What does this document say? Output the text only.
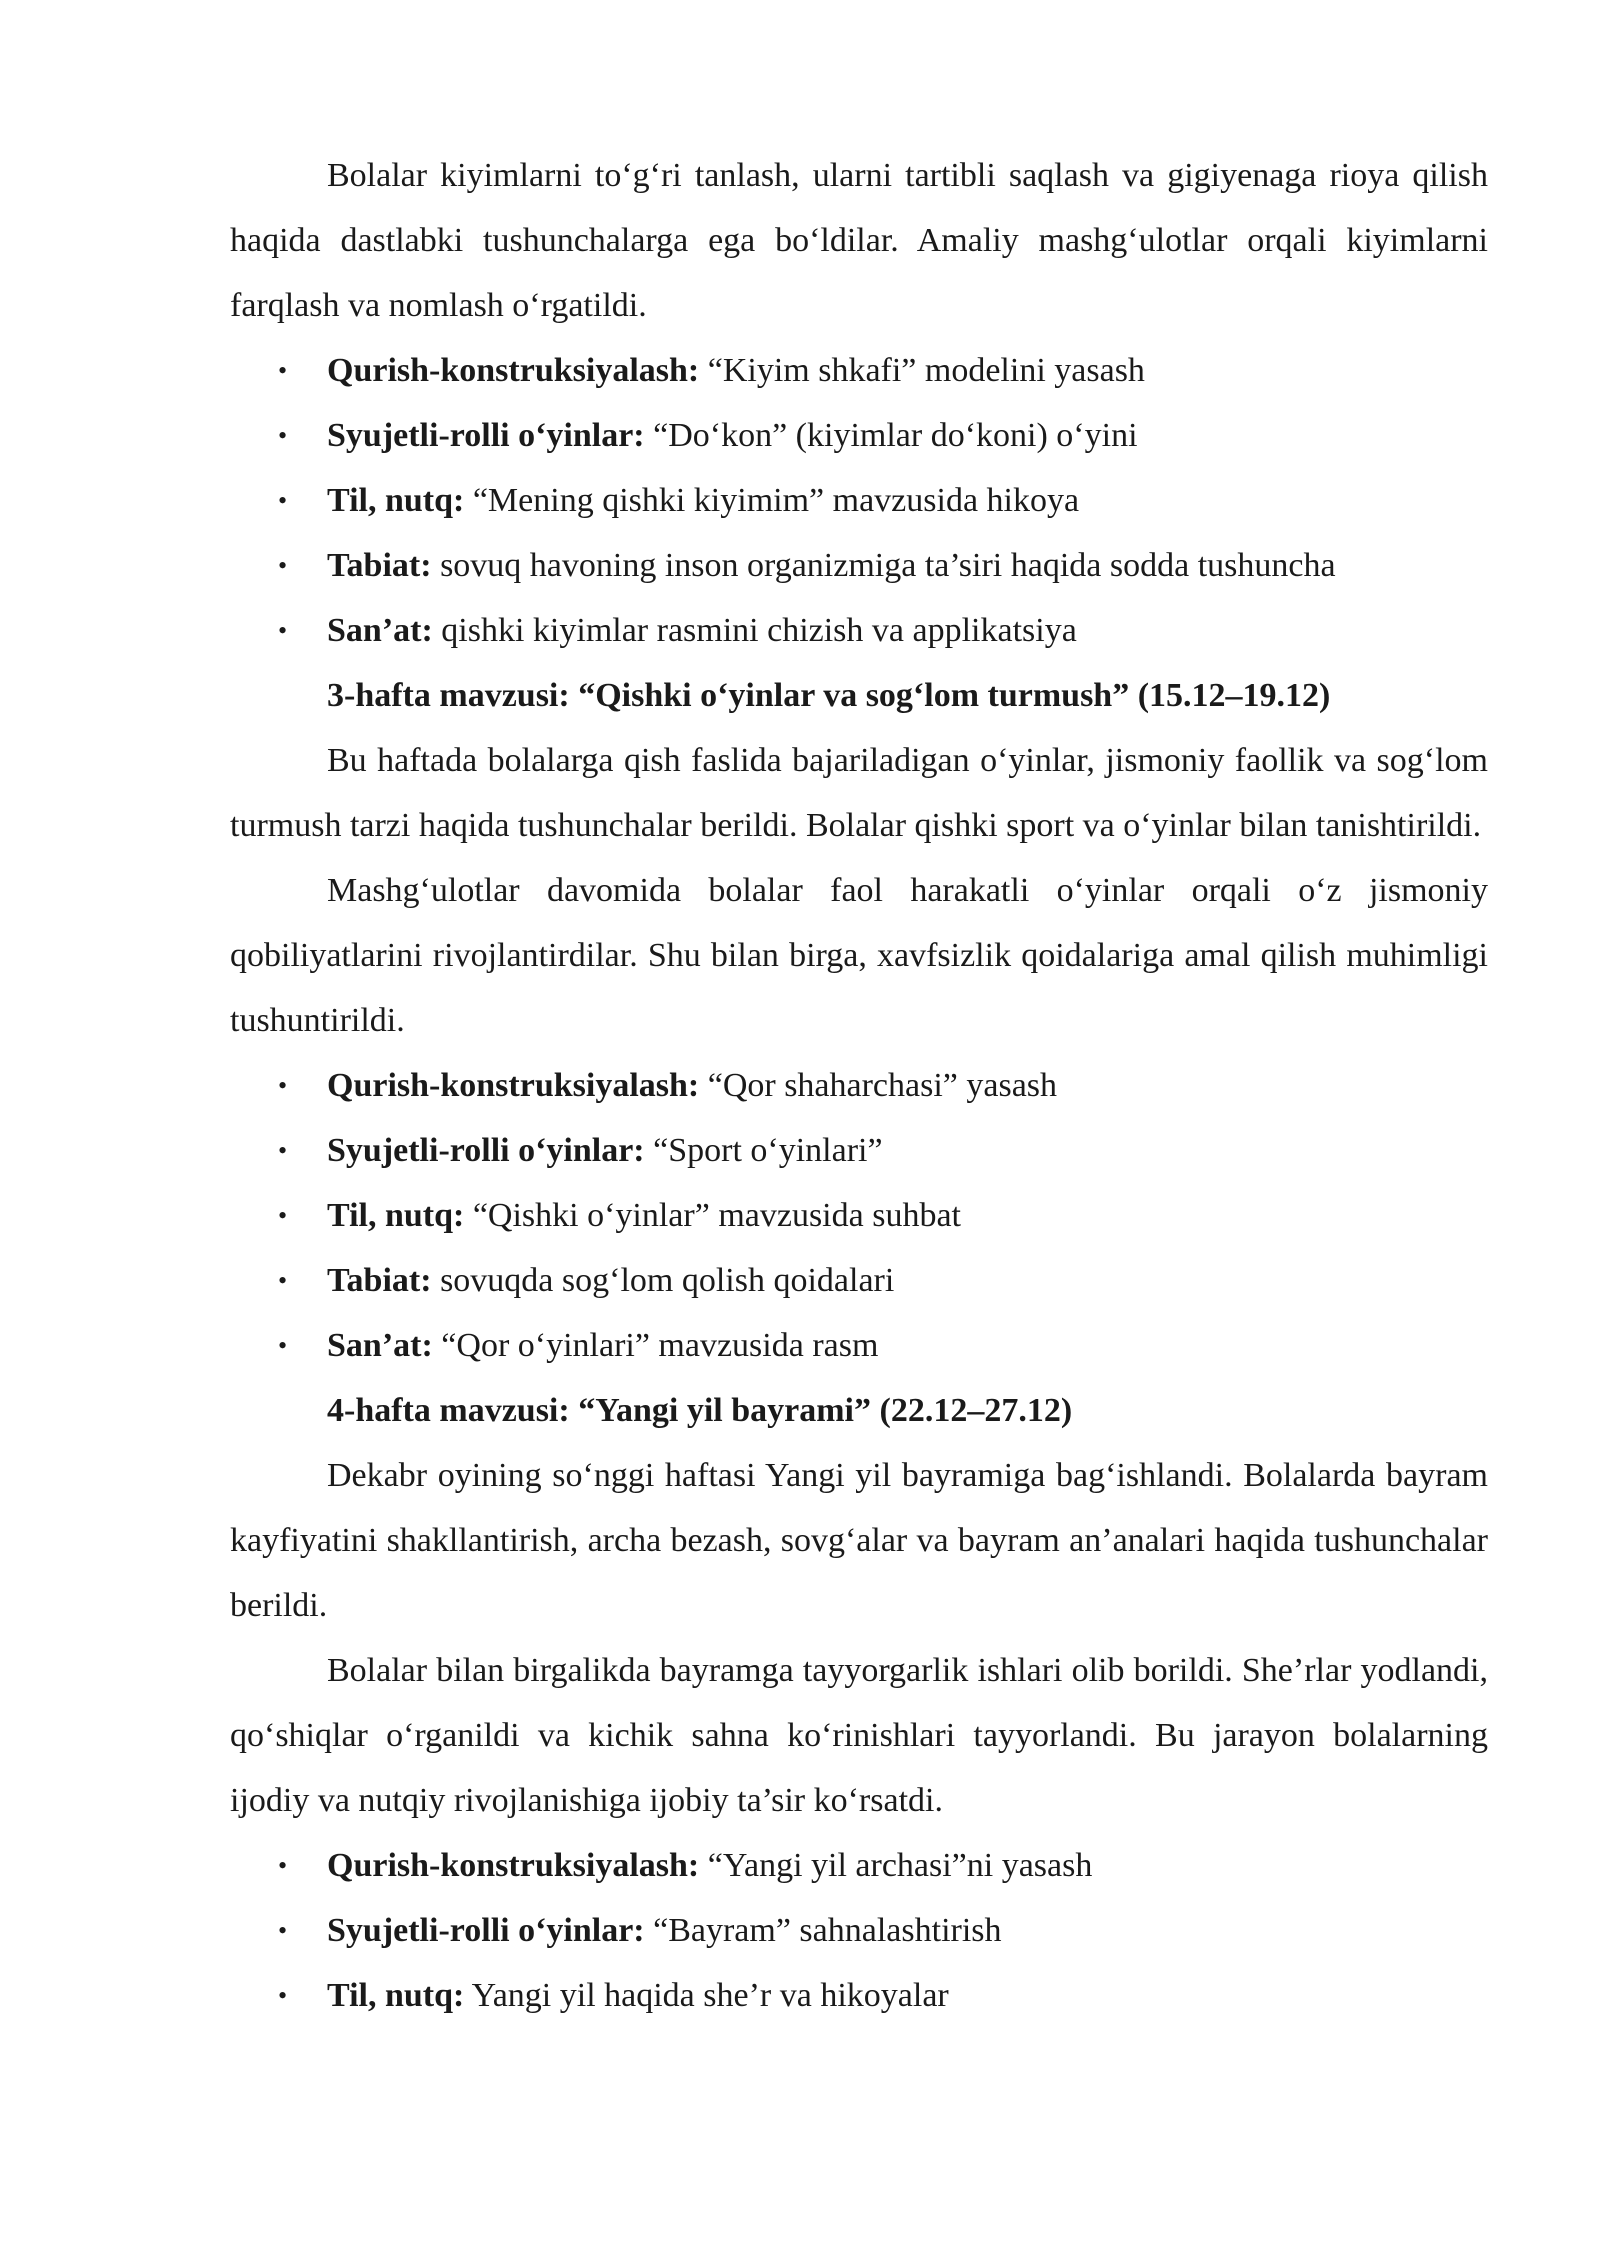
Bolalar kiyimlarni to‘g‘ri tanlash, ularni tartibli saqlash va gigiyenaga rioya qilish haqida dastlabki tushunchalarga ega bo‘ldilar. Amaliy mashg‘ulotlar orqali kiyimlarni farqlash va nomlash o‘rgatildi.

• Qurish-konstruksiyalash: “Kiyim shkafi” modelini yasash
• Syujetli-rolli o‘yinlar: “Do‘kon” (kiyimlar do‘koni) o‘yini
• Til, nutq: “Mening qishki kiyimim” mavzusida hikoya
• Tabiat: sovuq havoning inson organizmiga ta’siri haqida sodda tushuncha
• San’at: qishki kiyimlar rasmini chizish va applikatsiya

3-hafta mavzusi: “Qishki o‘yinlar va sog‘lom turmush” (15.12–19.12)

Bu haftada bolalarga qish faslida bajariladigan o‘yinlar, jismoniy faollik va sog‘lom turmush tarzi haqida tushunchalar berildi. Bolalar qishki sport va o‘yinlar bilan tanishtirildi.

Mashg‘ulotlar davomida bolalar faol harakatli o‘yinlar orqali o‘z jismoniy qobiliyatlarini rivojlantirdilar. Shu bilan birga, xavfsizlik qoidalariga amal qilish muhimligi tushuntirildi.

• Qurish-konstruksiyalash: “Qor shaharchasi” yasash
• Syujetli-rolli o‘yinlar: “Sport o‘yinlari”
• Til, nutq: “Qishki o‘yinlar” mavzusida suhbat
• Tabiat: sovuqda sog‘lom qolish qoidalari
• San’at: “Qor o‘yinlari” mavzusida rasm

4-hafta mavzusi: “Yangi yil bayrami” (22.12–27.12)

Dekabr oyining so‘nggi haftasi Yangi yil bayramiga bag‘ishlandi. Bolalarda bayram kayfiyatini shakllantirish, archa bezash, sovg‘alar va bayram an’analari haqida tushunchalar berildi.

Bolalar bilan birgalikda bayramga tayyorgarlik ishlari olib borildi. She’rlar yodlandi, qo‘shiqlar o‘rganildi va kichik sahna ko‘rinishlari tayyorlandi. Bu jarayon bolalarning ijodiy va nutqiy rivojlanishiga ijobiy ta’sir ko‘rsatdi.

• Qurish-konstruksiyalash: “Yangi yil archasi”ni yasash
• Syujetli-rolli o‘yinlar: “Bayram” sahnalashtirish
• Til, nutq: Yangi yil haqida she’r va hikoyalar
